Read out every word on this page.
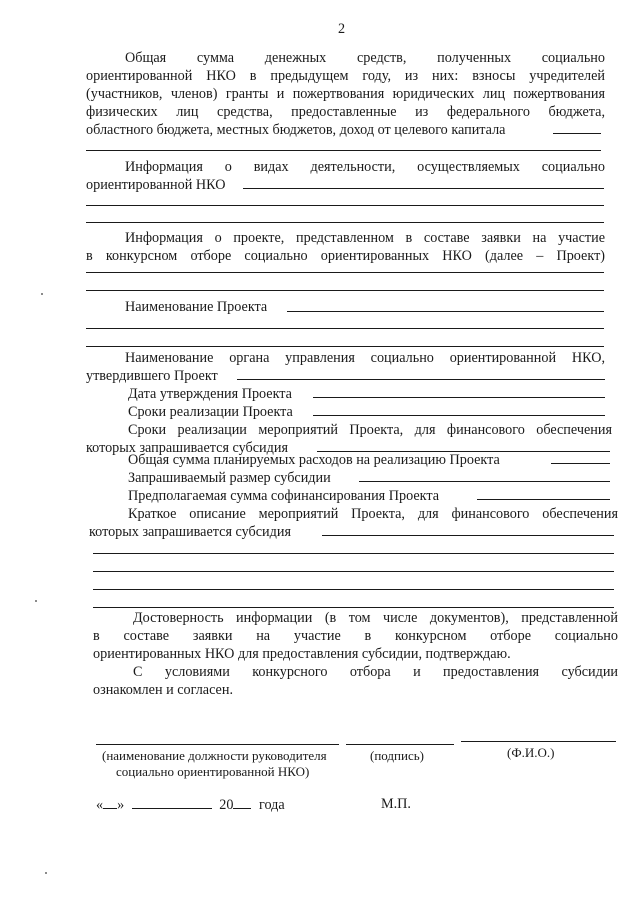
2
Общая сумма денежных средств, полученных социально
ориентированной НКО в предыдущем году, из них: взносы учредителей
(участников, членов) гранты и пожертвования юридических лиц пожертвования
физических лиц средства, предоставленные из федерального бюджета,
областного бюджета, местных бюджетов, доход от целевого капитала
Информация о видах деятельности, осуществляемых социально
ориентированной НКО
Информация о проекте, представленном в составе заявки на участие
в конкурсном отборе социально ориентированных НКО (далее – Проект)
Наименование Проекта
Наименование органа управления социально ориентированной НКО,
утвердившего Проект
Дата утверждения Проекта
Сроки реализации Проекта
Сроки реализации мероприятий Проекта, для финансового обеспечения
которых запрашивается субсидия
Общая сумма планируемых расходов на реализацию Проекта
Запрашиваемый размер субсидии
Предполагаемая сумма софинансирования Проекта
Краткое описание мероприятий Проекта, для финансового обеспечения
которых запрашивается субсидия
Достоверность информации (в том числе документов), представленной
в составе заявки на участие в конкурсном отборе социально
ориентированных НКО для предоставления субсидии, подтверждаю.
С условиями конкурсного отбора и предоставления субсидии
ознакомлен и согласен.
(наименование должности руководителя
социально ориентированной НКО)
(подпись)	(Ф.И.О.)
« »	20 года	М.П.
